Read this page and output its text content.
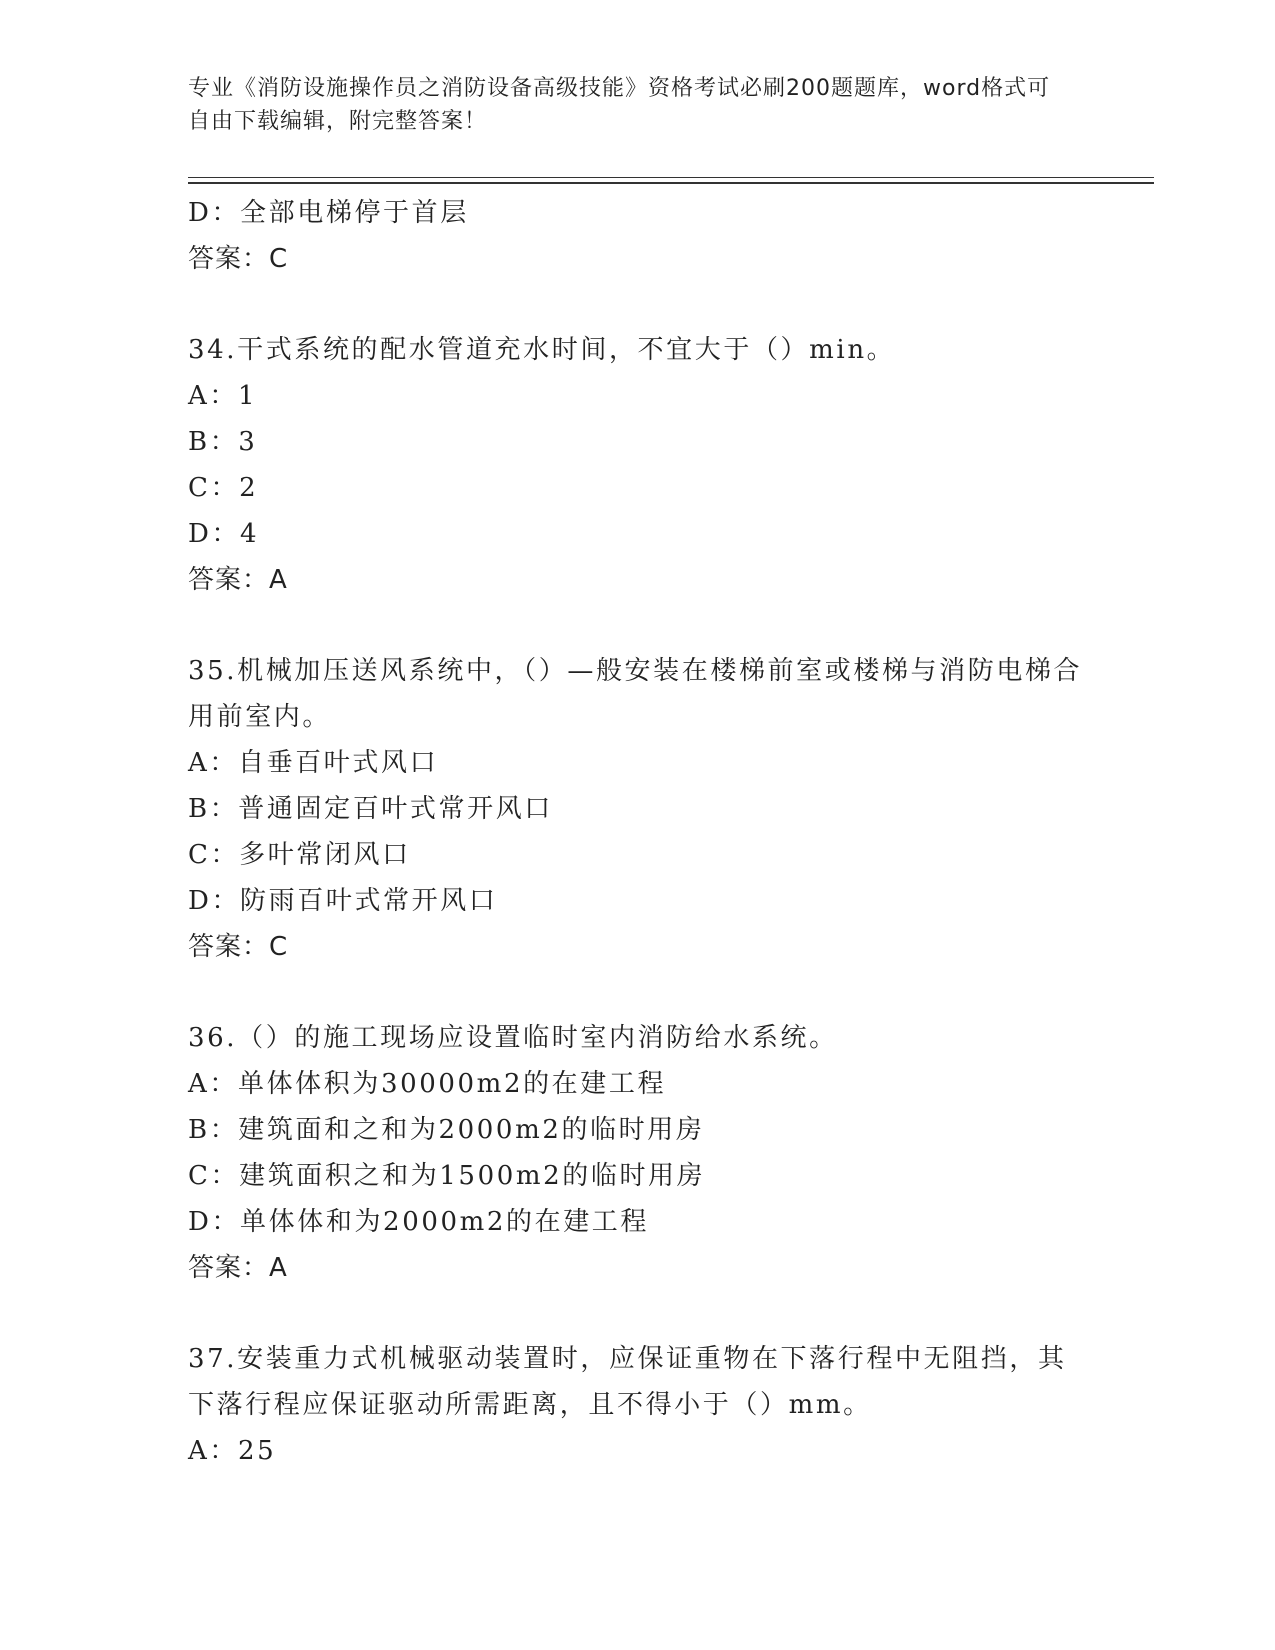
专业《消防设施操作员之消防设备高级技能》资格考试必刷200题题库，word格式可自由下载编辑，附完整答案！
D：全部电梯停于首层
答案：C
34.干式系统的配水管道充水时间，不宜大于（）min。
A：1
B：3
C：2
D：4
答案：A
35.机械加压送风系统中，（）—般安装在楼梯前室或楼梯与消防电梯合用前室内。
A：自垂百叶式风口
B：普通固定百叶式常开风口
C：多叶常闭风口
D：防雨百叶式常开风口
答案：C
36.（）的施工现场应设置临时室内消防给水系统。
A：单体体积为30000m2的在建工程
B：建筑面和之和为2000m2的临时用房
C：建筑面积之和为1500m2的临时用房
D：单体体和为2000m2的在建工程
答案：A
37.安装重力式机械驱动装置时，应保证重物在下落行程中无阻挡，其下落行程应保证驱动所需距离，且不得小于（）mm。
A：25
